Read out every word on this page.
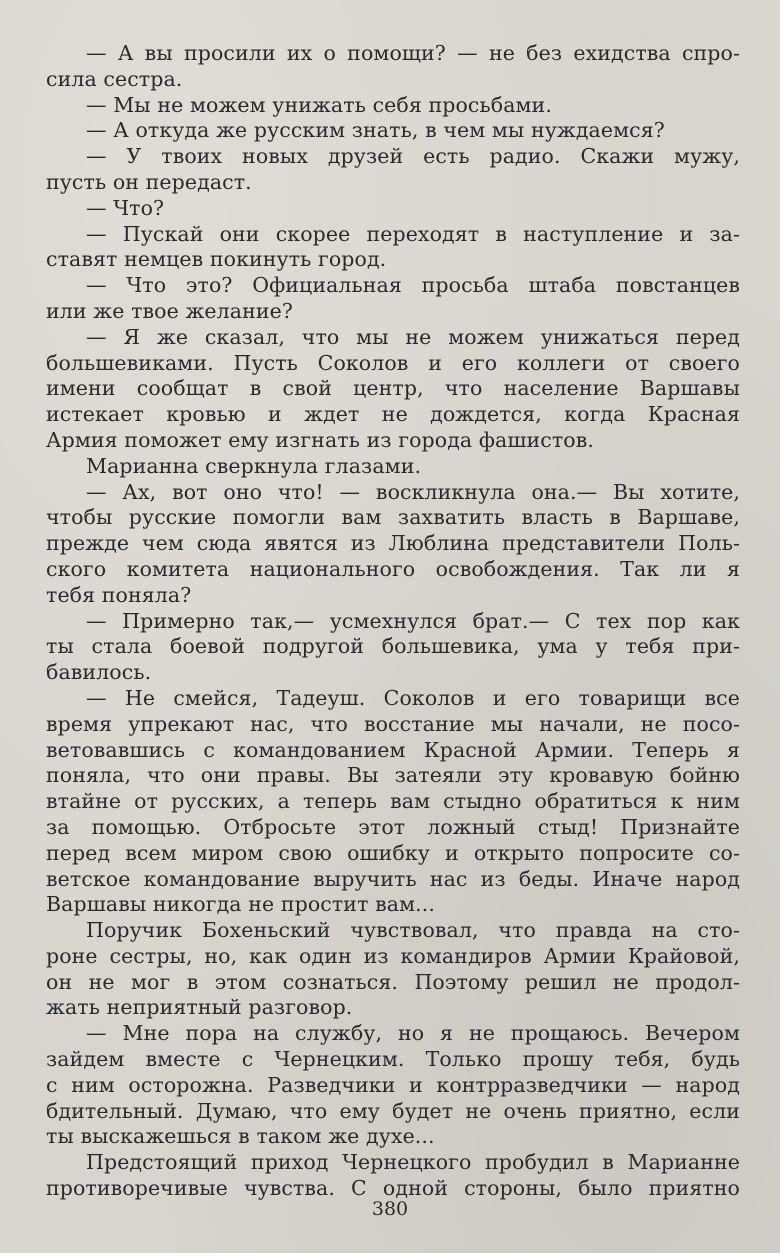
— А вы просили их о помощи? — не без ехидства спро-
сила сестра.
— Мы не можем унижать себя просьбами.
— А откуда же русским знать, в чем мы нуждаемся?
— У твоих новых друзей есть радио. Скажи мужу,
пусть он передаст.
— Что?
— Пускай они скорее переходят в наступление и за-
ставят немцев покинуть город.
— Что это? Официальная просьба штаба повстанцев
или же твое желание?
— Я же сказал, что мы не можем унижаться перед
большевиками. Пусть Соколов и его коллеги от своего
имени сообщат в свой центр, что население Варшавы
истекает кровью и ждет не дождется, когда Красная
Армия поможет ему изгнать из города фашистов.
Марианна сверкнула глазами.
— Ах, вот оно что! — воскликнула она.— Вы хотите,
чтобы русские помогли вам захватить власть в Варшаве,
прежде чем сюда явятся из Люблина представители Поль-
ского комитета национального освобождения. Так ли я
тебя поняла?
— Примерно так,— усмехнулся брат.— С тех пор как
ты стала боевой подругой большевика, ума у тебя при-
бавилось.
— Не смейся, Тадеуш. Соколов и его товарищи все
время упрекают нас, что восстание мы начали, не посо-
ветовавшись с командованием Красной Армии. Теперь я
поняла, что они правы. Вы затеяли эту кровавую бойню
втайне от русских, а теперь вам стыдно обратиться к ним
за помощью. Отбросьте этот ложный стыд! Признайте
перед всем миром свою ошибку и открыто попросите со-
ветское командование выручить нас из беды. Иначе народ
Варшавы никогда не простит вам...
Поручик Бохеньский чувствовал, что правда на сто-
роне сестры, но, как один из командиров Армии Крайовой,
он не мог в этом сознаться. Поэтому решил не продол-
жать неприятный разговор.
— Мне пора на службу, но я не прощаюсь. Вечером
зайдем вместе с Чернецким. Только прошу тебя, будь
с ним осторожна. Разведчики и контрразведчики — народ
бдительный. Думаю, что ему будет не очень приятно, если
ты выскажешься в таком же духе...
Предстоящий приход Чернецкого пробудил в Марианне
противоречивые чувства. С одной стороны, было приятно
380
